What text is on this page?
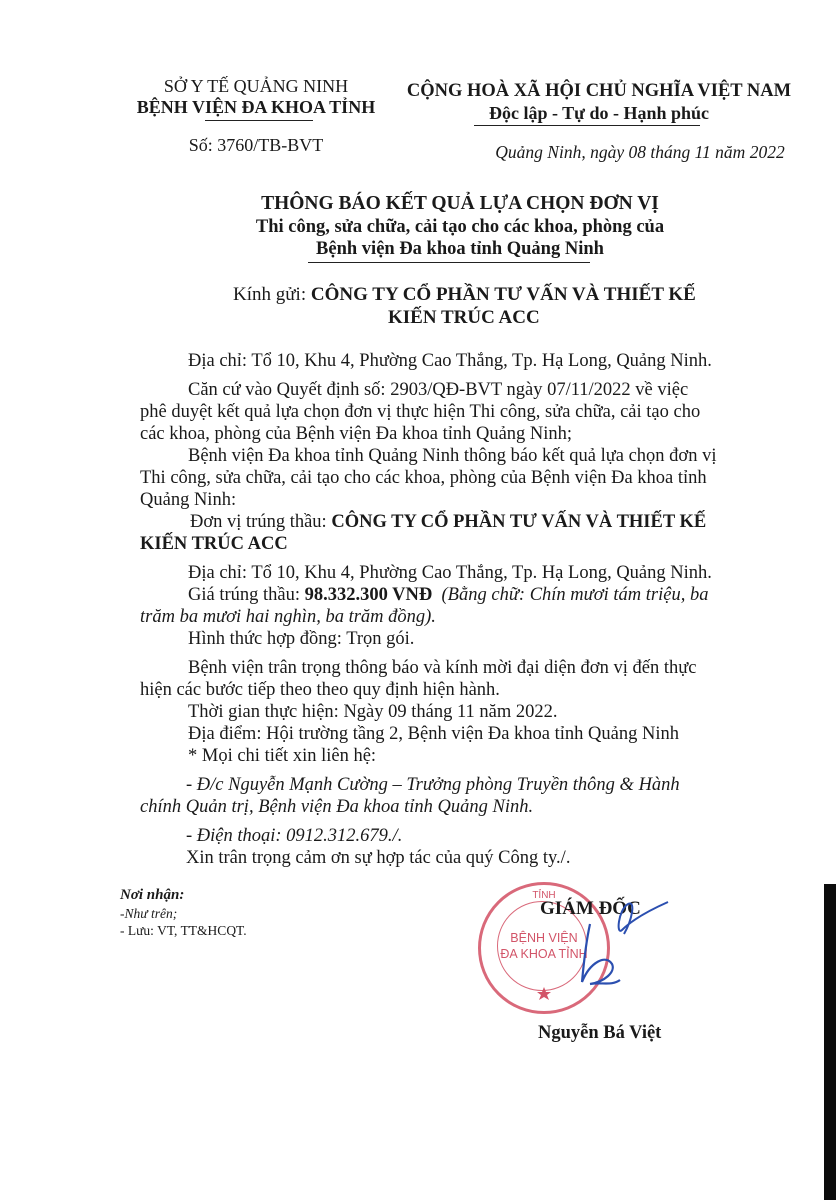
SỞ Y TẾ QUẢNG NINH
BỆNH VIỆN ĐA KHOA TỈNH
Số: 3760/TB-BVT
CỘNG HOÀ XÃ HỘI CHỦ NGHĨA VIỆT NAM
Độc lập - Tự do - Hạnh phúc
Quảng Ninh, ngày 08 tháng 11 năm 2022
THÔNG BÁO KẾT QUẢ LỰA CHỌN ĐƠN VỊ
Thi công, sửa chữa, cải tạo cho các khoa, phòng của
Bệnh viện Đa khoa tỉnh Quảng Ninh
Kính gửi: CÔNG TY CỔ PHẦN TƯ VẤN VÀ THIẾT KẾ
KIẾN TRÚC ACC
Địa chỉ: Tổ 10, Khu 4, Phường Cao Thắng, Tp. Hạ Long, Quảng Ninh.
Căn cứ vào Quyết định số: 2903/QĐ-BVT ngày 07/11/2022 về việc
phê duyệt kết quả lựa chọn đơn vị thực hiện Thi công, sửa chữa, cải tạo cho
các khoa, phòng của Bệnh viện Đa khoa tỉnh Quảng Ninh;
Bệnh viện Đa khoa tỉnh Quảng Ninh thông báo kết quả lựa chọn đơn vị
Thi công, sửa chữa, cải tạo cho các khoa, phòng của Bệnh viện Đa khoa tỉnh
Quảng Ninh:
Đơn vị trúng thầu: CÔNG TY CỔ PHẦN TƯ VẤN VÀ THIẾT KẾ
KIẾN TRÚC ACC
Địa chỉ: Tổ 10, Khu 4, Phường Cao Thắng, Tp. Hạ Long, Quảng Ninh.
Giá trúng thầu: 98.332.300 VNĐ (Bằng chữ: Chín mươi tám triệu, ba
trăm ba mươi hai nghìn, ba trăm đồng).
Hình thức hợp đồng: Trọn gói.
Bệnh viện trân trọng thông báo và kính mời đại diện đơn vị đến thực
hiện các bước tiếp theo theo quy định hiện hành.
Thời gian thực hiện: Ngày 09 tháng 11 năm 2022.
Địa điểm: Hội trường tầng 2, Bệnh viện Đa khoa tỉnh Quảng Ninh
* Mọi chi tiết xin liên hệ:
- Đ/c Nguyễn Mạnh Cường – Trưởng phòng Truyền thông & Hành
chính Quản trị, Bệnh viện Đa khoa tỉnh Quảng Ninh.
- Điện thoại: 0912.312.679./.
Xin trân trọng cảm ơn sự hợp tác của quý Công ty./.
Nơi nhận:
-Như trên;
- Lưu: VT, TT&HCQT.
TỈNH
BỆNH VIỆN
ĐA KHOA TỈNH
GIÁM ĐỐC
Nguyễn Bá Việt
